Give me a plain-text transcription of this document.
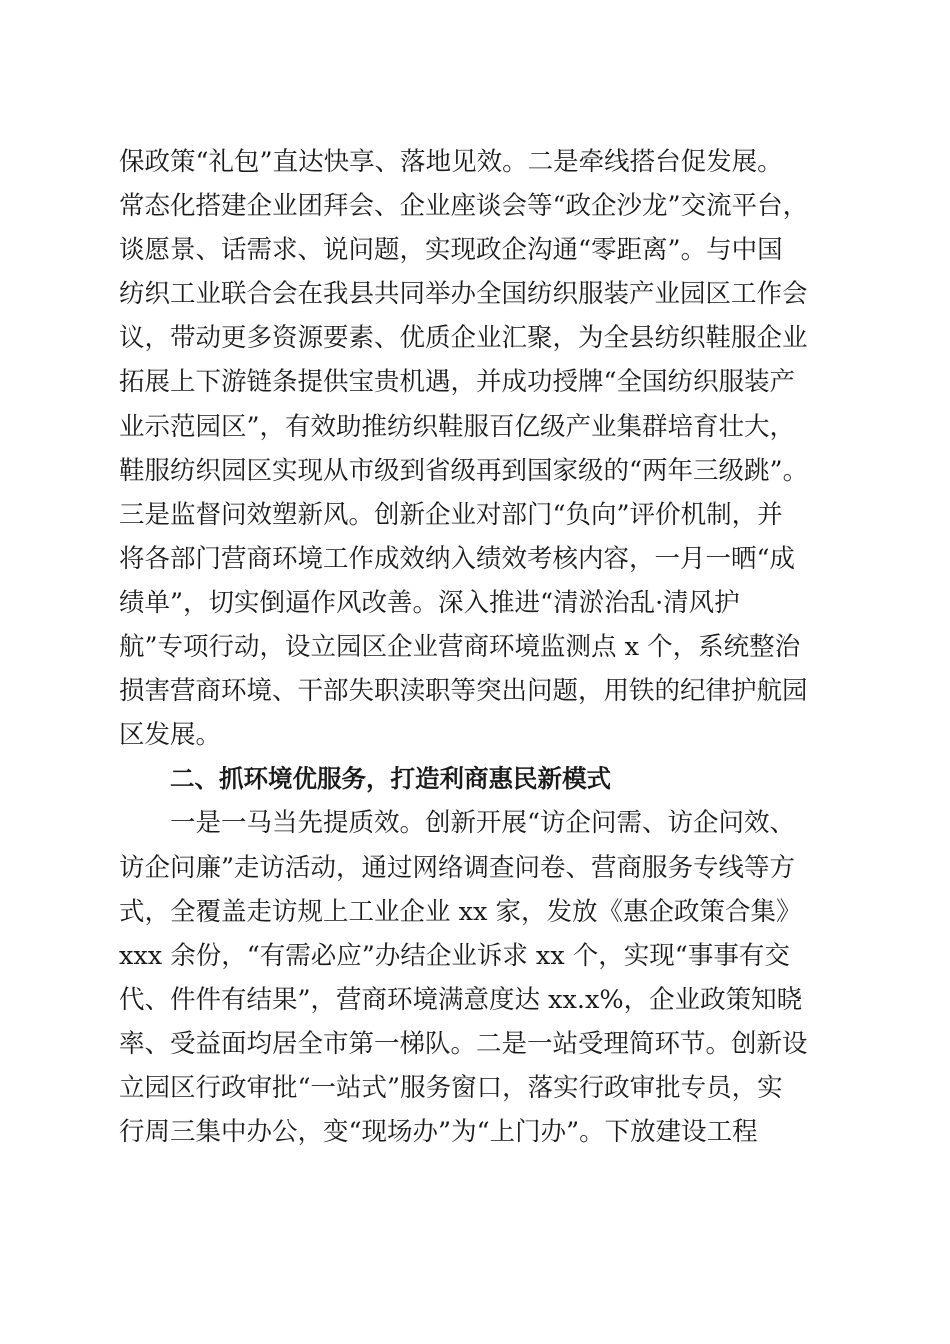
保政策“礼包”直达快享、落地见效。二是牵线搭台促发展。
常态化搭建企业团拜会、企业座谈会等“政企沙龙”交流平台，
谈愿景、话需求、说问题，实现政企沟通“零距离”。与中国
纺织工业联合会在我县共同举办全国纺织服装产业园区工作会
议，带动更多资源要素、优质企业汇聚，为全县纺织鞋服企业
拓展上下游链条提供宝贵机遇，并成功授牌“全国纺织服装产
业示范园区”，有效助推纺织鞋服百亿级产业集群培育壮大，
鞋服纺织园区实现从市级到省级再到国家级的“两年三级跳”。
三是监督问效塑新风。创新企业对部门“负向”评价机制，并
将各部门营商环境工作成效纳入绩效考核内容，一月一晒“成
绩单”，切实倒逼作风改善。深入推进“清淤治乱·清风护
航”专项行动，设立园区企业营商环境监测点 x 个，系统整治
损害营商环境、干部失职渎职等突出问题，用铁的纪律护航园
区发展。
二、抓环境优服务，打造利商惠民新模式
一是一马当先提质效。创新开展“访企问需、访企问效、
访企问廉”走访活动，通过网络调查问卷、营商服务专线等方
式，全覆盖走访规上工业企业 xx 家，发放《惠企政策合集》
xxx 余份，“有需必应”办结企业诉求 xx 个，实现“事事有交
代、件件有结果”，营商环境满意度达 xx.x%，企业政策知晓
率、受益面均居全市第一梯队。二是一站受理简环节。创新设
立园区行政审批“一站式”服务窗口，落实行政审批专员，实
行周三集中办公，变“现场办”为“上门办”。下放建设工程
